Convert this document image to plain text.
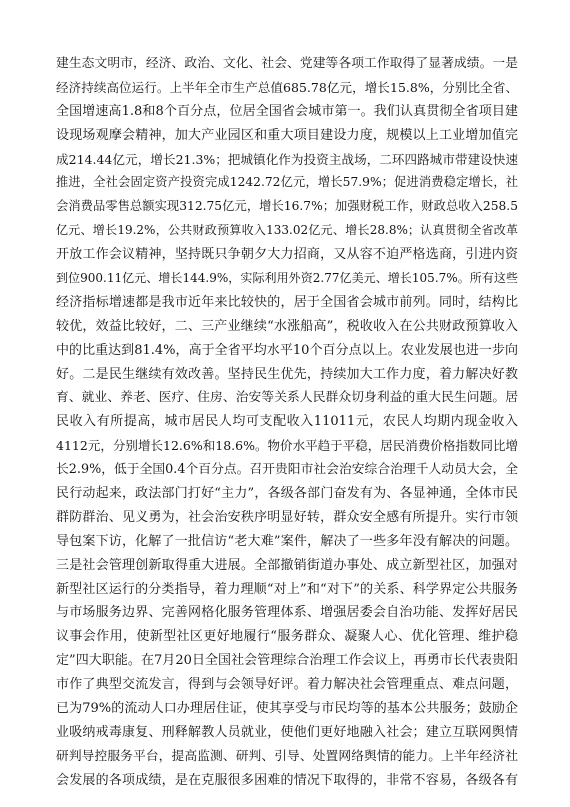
建生态文明市，经济、政治、文化、社会、党建等各项工作取得了显著成绩。一是
经济持续高位运行。上半年全市生产总值685.78亿元，增长15.8%，分别比全省、
全国增速高1.8和8个百分点，位居全国省会城市第一。我们认真贯彻全省项目建
设现场观摩会精神，加大产业园区和重大项目建设力度，规模以上工业增加值完
成214.44亿元，增长21.3%；把城镇化作为投资主战场，二环四路城市带建设快速
推进，全社会固定资产投资完成1242.72亿元，增长57.9%；促进消费稳定增长，社
会消费品零售总额实现312.75亿元，增长16.7%；加强财税工作，财政总收入258.5
亿元、增长19.2%，公共财政预算收入133.02亿元、增长28.8%；认真贯彻全省改革
开放工作会议精神，坚持既只争朝夕大力招商，又从容不迫严格选商，引进内资
到位900.11亿元、增长144.9%，实际利用外资2.77亿美元、增长105.7%。所有这些
经济指标增速都是我市近年来比较快的，居于全国省会城市前列。同时，结构比
较优，效益比较好，二、三产业继续“水涨船高”，税收收入在公共财政预算收入
中的比重达到81.4%，高于全省平均水平10个百分点以上。农业发展也进一步向
好。二是民生继续有效改善。坚持民生优先，持续加大工作力度，着力解决好教
育、就业、养老、医疗、住房、治安等关系人民群众切身利益的重大民生问题。居
民收入有所提高，城市居民人均可支配收入11011元，农民人均期内现金收入
4112元，分别增长12.6%和18.6%。物价水平趋于平稳，居民消费价格指数同比增
长2.9%，低于全国0.4个百分点。召开贵阳市社会治安综合治理千人动员大会，全
民行动起来，政法部门打好“主力”，各级各部门奋发有为、各显神通，全体市民
群防群治、见义勇为，社会治安秩序明显好转，群众安全感有所提升。实行市领
导包案下访，化解了一批信访“老大难”案件，解决了一些多年没有解决的问题。
三是社会管理创新取得重大进展。全部撤销街道办事处、成立新型社区，加强对
新型社区运行的分类指导，着力理顺“对上”和“对下”的关系、科学界定公共服务
与市场服务边界、完善网格化服务管理体系、增强居委会自治功能、发挥好居民
议事会作用，使新型社区更好地履行“服务群众、凝聚人心、优化管理、维护稳
定”四大职能。在7月20日全国社会管理综合治理工作会议上，再勇市长代表贵阳
市作了典型交流发言，得到与会领导好评。着力解决社会管理重点、难点问题，
已为79%的流动人口办理居住证，使其享受与市民均等的基本公共服务；鼓励企
业吸纳戒毒康复、刑释解教人员就业，使他们更好地融入社会；建立互联网舆情
研判导控服务平台，提高监测、研判、引导、处置网络舆情的能力。上半年经济社
会发展的各项成绩，是在克服很多困难的情况下取得的，非常不容易，各级各有
